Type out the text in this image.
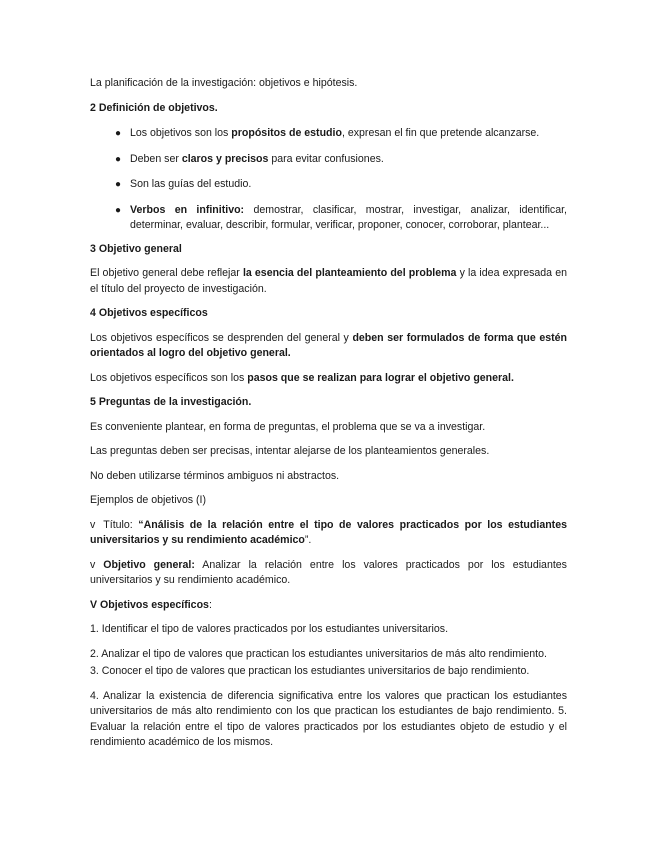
La planificación de la investigación: objetivos e hipótesis.

2 Definición de objetivos.

● Los objetivos son los propósitos de estudio, expresan el fin que pretende alcanzarse.
● Deben ser claros y precisos para evitar confusiones.
● Son las guías del estudio.
● Verbos en infinitivo: demostrar, clasificar, mostrar, investigar, analizar, identificar, determinar, evaluar, describir, formular, verificar, proponer, conocer, corroborar, plantear...

3 Objetivo general

El objetivo general debe reflejar la esencia del planteamiento del problema y la idea expresada en el título del proyecto de investigación.

4 Objetivos específicos

Los objetivos específicos se desprenden del general y deben ser formulados de forma que estén orientados al logro del objetivo general.

Los objetivos específicos son los pasos que se realizan para lograr el objetivo general.

5 Preguntas de la investigación.

Es conveniente plantear, en forma de preguntas, el problema que se va a investigar.

Las preguntas deben ser precisas, intentar alejarse de los planteamientos generales.

No deben utilizarse términos ambiguos ni abstractos.

Ejemplos de objetivos (I)

v Título: “Análisis de la relación entre el tipo de valores practicados por los estudiantes universitarios y su rendimiento académico”.

v Objetivo general: Analizar la relación entre los valores practicados por los estudiantes universitarios y su rendimiento académico.

V Objetivos específicos:

1. Identificar el tipo de valores practicados por los estudiantes universitarios.

2. Analizar el tipo de valores que practican los estudiantes universitarios de más alto rendimiento.

3. Conocer el tipo de valores que practican los estudiantes universitarios de bajo rendimiento.

4. Analizar la existencia de diferencia significativa entre los valores que practican los estudiantes universitarios de más alto rendimiento con los que practican los estudiantes de bajo rendimiento. 5. Evaluar la relación entre el tipo de valores practicados por los estudiantes objeto de estudio y el rendimiento académico de los mismos.
